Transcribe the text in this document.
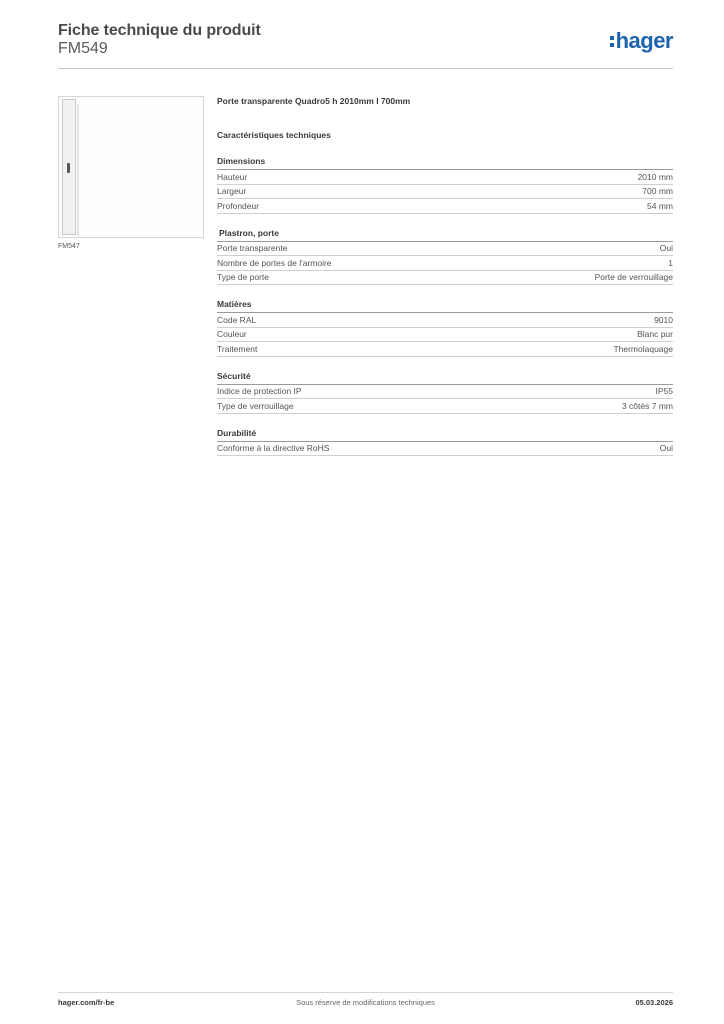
Fiche technique du produit
FM549	hager
FM547
Porte transparente Quadro5 h 2010mm l 700mm
Caractéristiques techniques
Dimensions
Hauteur	2010 mm
Largeur	700 mm
Profondeur	54 mm
Plastron, porte
Porte transparente	Oui
Nombre de portes de l'armoire	1
Type de porte	Porte de verrouillage
Matières
Code RAL	9010
Couleur	Blanc pur
Traitement	Thermolaquage
Sécurité
Indice de protection IP	IP55
Type de verrouillage	3 côtés 7 mm
Durabilité
Conforme à la directive RoHS	Oui
hager.com/fr-be	Sous réserve de modifications techniques	05.03.2026
